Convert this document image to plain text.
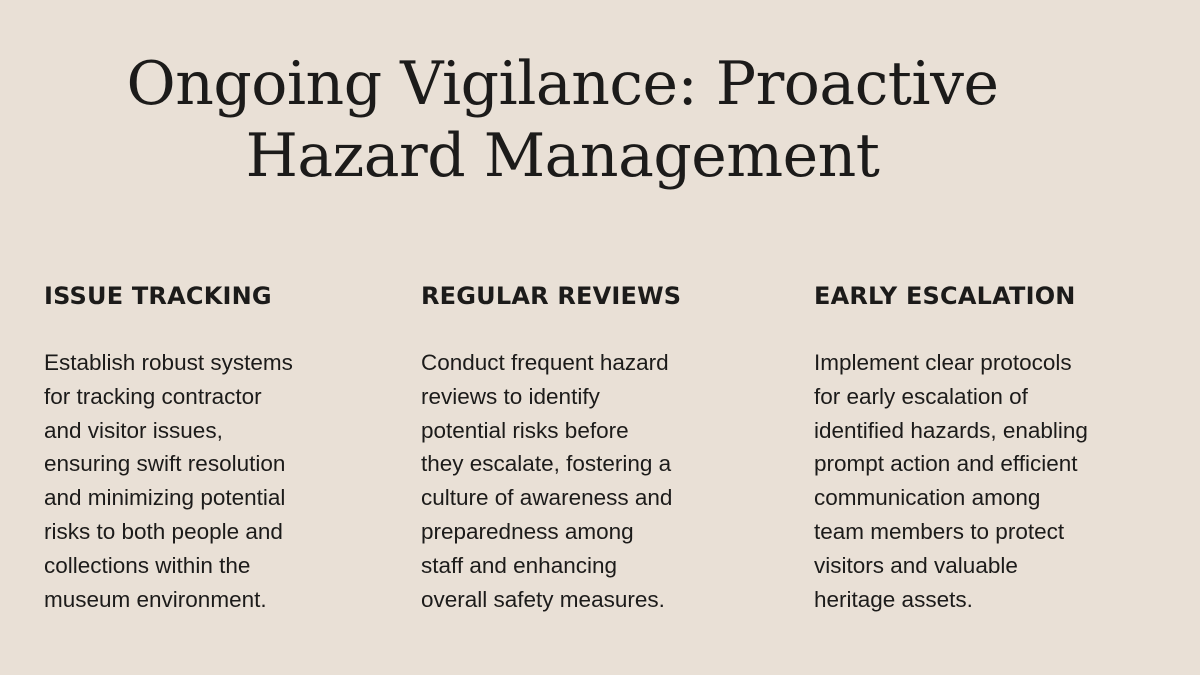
Ongoing Vigilance: Proactive
Hazard Management
ISSUE TRACKING

Establish robust systems
for tracking contractor
and visitor issues,
ensuring swift resolution
and minimizing potential
risks to both people and
collections within the
museum environment.

REGULAR REVIEWS

Conduct frequent hazard
reviews to identify
potential risks before
they escalate, fostering a
culture of awareness and
preparedness among
staff and enhancing
overall safety measures.

EARLY ESCALATION

Implement clear protocols
for early escalation of
identified hazards, enabling
prompt action and efficient
communication among
team members to protect
visitors and valuable
heritage assets.
